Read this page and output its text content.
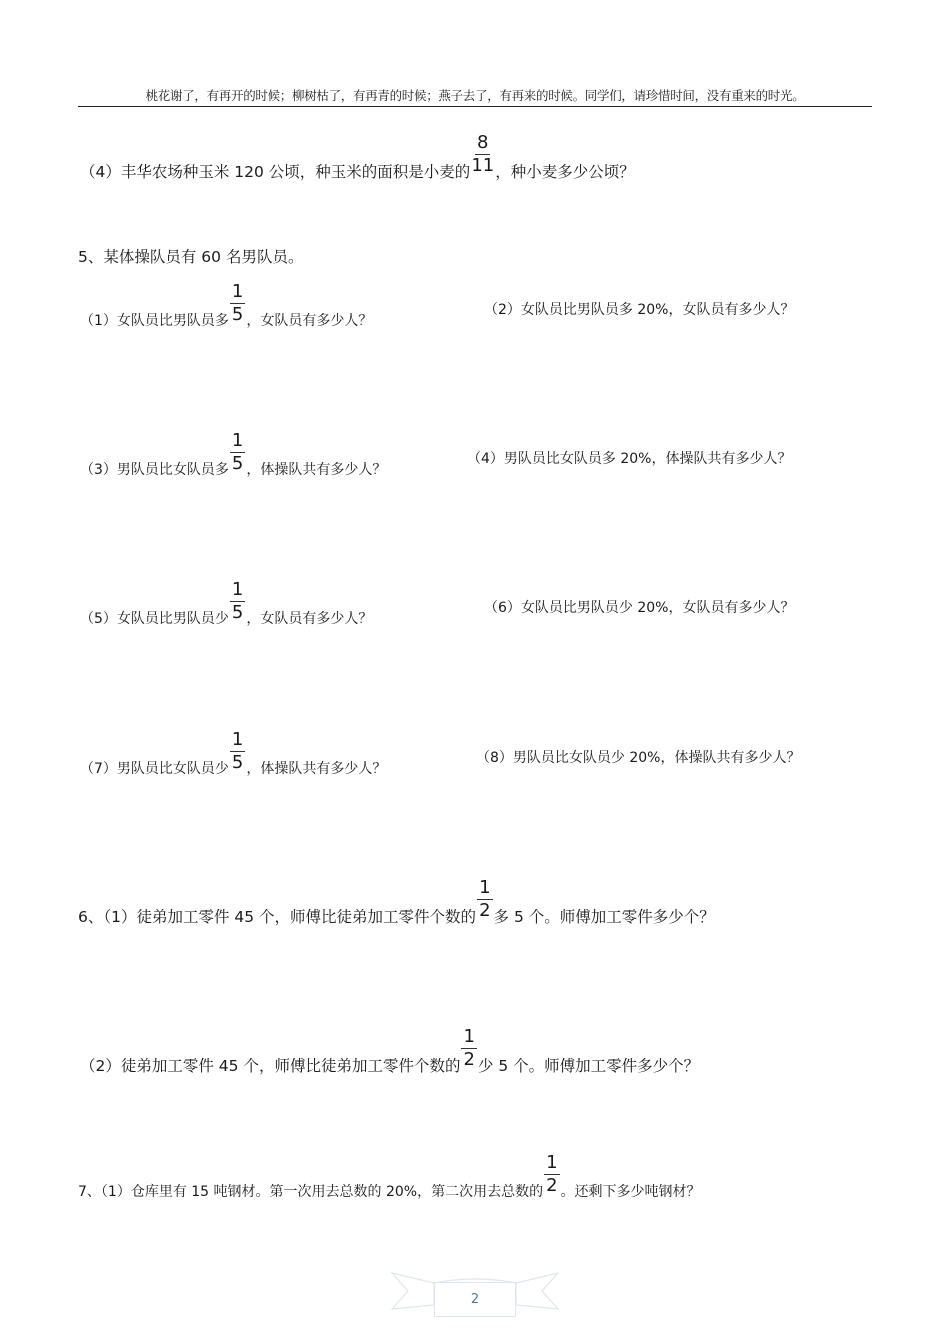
桃花谢了，有再开的时候；柳树枯了，有再青的时候；燕子去了，有再来的时候。同学们，请珍惜时间，没有重来的时光。
（4）丰华农场种玉米 120 公顷，种玉米的面积是小麦的 $\frac{8}{11}$ ，种小麦多少公顷？
5、某体操队员有 60 名男队员。
（1）女队员比男队员多 $\frac{1}{5}$ ，女队员有多少人？
（2）女队员比男队员多 20%，女队员有多少人？
（3）男队员比女队员多 $\frac{1}{5}$ ，体操队共有多少人？
（4）男队员比女队员多 20%，体操队共有多少人？
（5）女队员比男队员少 $\frac{1}{5}$ ，女队员有多少人？
（6）女队员比男队员少 20%，女队员有多少人？
（7）男队员比女队员少 $\frac{1}{5}$ ，体操队共有多少人？
（8）男队员比女队员少 20%，体操队共有多少人？
6、（1）徒弟加工零件 45 个，师傅比徒弟加工零件个数的 $\frac{1}{2}$ 多 5 个。师傅加工零件多少个？
（2）徒弟加工零件 45 个，师傅比徒弟加工零件个数的 $\frac{1}{2}$ 少 5 个。师傅加工零件多少个？
7、（1）仓库里有 15 吨钢材。第一次用去总数的 20%，第二次用去总数的 $\frac{1}{2}$ 。还剩下多少吨钢材？
2
